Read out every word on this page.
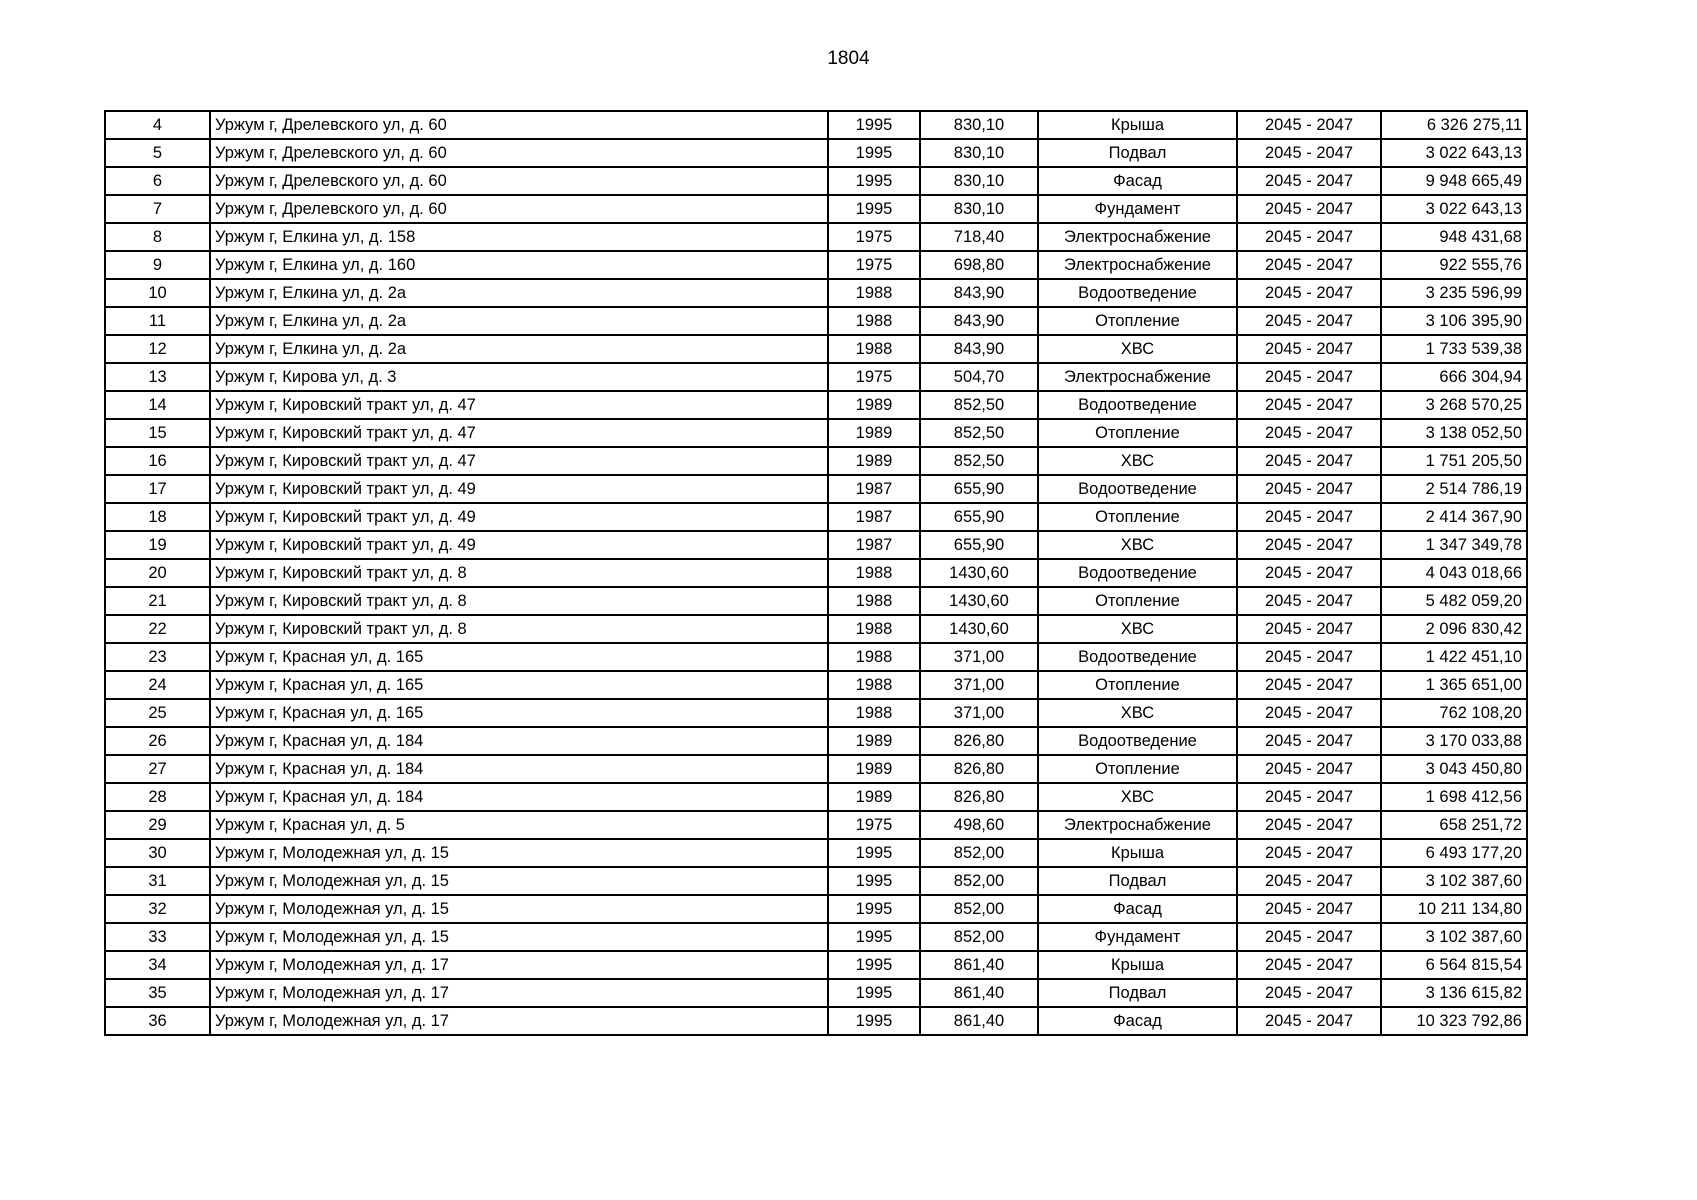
1804
4	Уржум г, Дрелевского ул, д. 60	1995	830,10	Крыша	2045 - 2047	6 326 275,11
5	Уржум г, Дрелевского ул, д. 60	1995	830,10	Подвал	2045 - 2047	3 022 643,13
6	Уржум г, Дрелевского ул, д. 60	1995	830,10	Фасад	2045 - 2047	9 948 665,49
7	Уржум г, Дрелевского ул, д. 60	1995	830,10	Фундамент	2045 - 2047	3 022 643,13
8	Уржум г, Елкина ул, д. 158	1975	718,40	Электроснабжение	2045 - 2047	948 431,68
9	Уржум г, Елкина ул, д. 160	1975	698,80	Электроснабжение	2045 - 2047	922 555,76
10	Уржум г, Елкина ул, д. 2а	1988	843,90	Водоотведение	2045 - 2047	3 235 596,99
11	Уржум г, Елкина ул, д. 2а	1988	843,90	Отопление	2045 - 2047	3 106 395,90
12	Уржум г, Елкина ул, д. 2а	1988	843,90	ХВС	2045 - 2047	1 733 539,38
13	Уржум г, Кирова ул, д. 3	1975	504,70	Электроснабжение	2045 - 2047	666 304,94
14	Уржум г, Кировский тракт ул, д. 47	1989	852,50	Водоотведение	2045 - 2047	3 268 570,25
15	Уржум г, Кировский тракт ул, д. 47	1989	852,50	Отопление	2045 - 2047	3 138 052,50
16	Уржум г, Кировский тракт ул, д. 47	1989	852,50	ХВС	2045 - 2047	1 751 205,50
17	Уржум г, Кировский тракт ул, д. 49	1987	655,90	Водоотведение	2045 - 2047	2 514 786,19
18	Уржум г, Кировский тракт ул, д. 49	1987	655,90	Отопление	2045 - 2047	2 414 367,90
19	Уржум г, Кировский тракт ул, д. 49	1987	655,90	ХВС	2045 - 2047	1 347 349,78
20	Уржум г, Кировский тракт ул, д. 8	1988	1430,60	Водоотведение	2045 - 2047	4 043 018,66
21	Уржум г, Кировский тракт ул, д. 8	1988	1430,60	Отопление	2045 - 2047	5 482 059,20
22	Уржум г, Кировский тракт ул, д. 8	1988	1430,60	ХВС	2045 - 2047	2 096 830,42
23	Уржум г, Красная ул, д. 165	1988	371,00	Водоотведение	2045 - 2047	1 422 451,10
24	Уржум г, Красная ул, д. 165	1988	371,00	Отопление	2045 - 2047	1 365 651,00
25	Уржум г, Красная ул, д. 165	1988	371,00	ХВС	2045 - 2047	762 108,20
26	Уржум г, Красная ул, д. 184	1989	826,80	Водоотведение	2045 - 2047	3 170 033,88
27	Уржум г, Красная ул, д. 184	1989	826,80	Отопление	2045 - 2047	3 043 450,80
28	Уржум г, Красная ул, д. 184	1989	826,80	ХВС	2045 - 2047	1 698 412,56
29	Уржум г, Красная ул, д. 5	1975	498,60	Электроснабжение	2045 - 2047	658 251,72
30	Уржум г, Молодежная ул, д. 15	1995	852,00	Крыша	2045 - 2047	6 493 177,20
31	Уржум г, Молодежная ул, д. 15	1995	852,00	Подвал	2045 - 2047	3 102 387,60
32	Уржум г, Молодежная ул, д. 15	1995	852,00	Фасад	2045 - 2047	10 211 134,80
33	Уржум г, Молодежная ул, д. 15	1995	852,00	Фундамент	2045 - 2047	3 102 387,60
34	Уржум г, Молодежная ул, д. 17	1995	861,40	Крыша	2045 - 2047	6 564 815,54
35	Уржум г, Молодежная ул, д. 17	1995	861,40	Подвал	2045 - 2047	3 136 615,82
36	Уржум г, Молодежная ул, д. 17	1995	861,40	Фасад	2045 - 2047	10 323 792,86
